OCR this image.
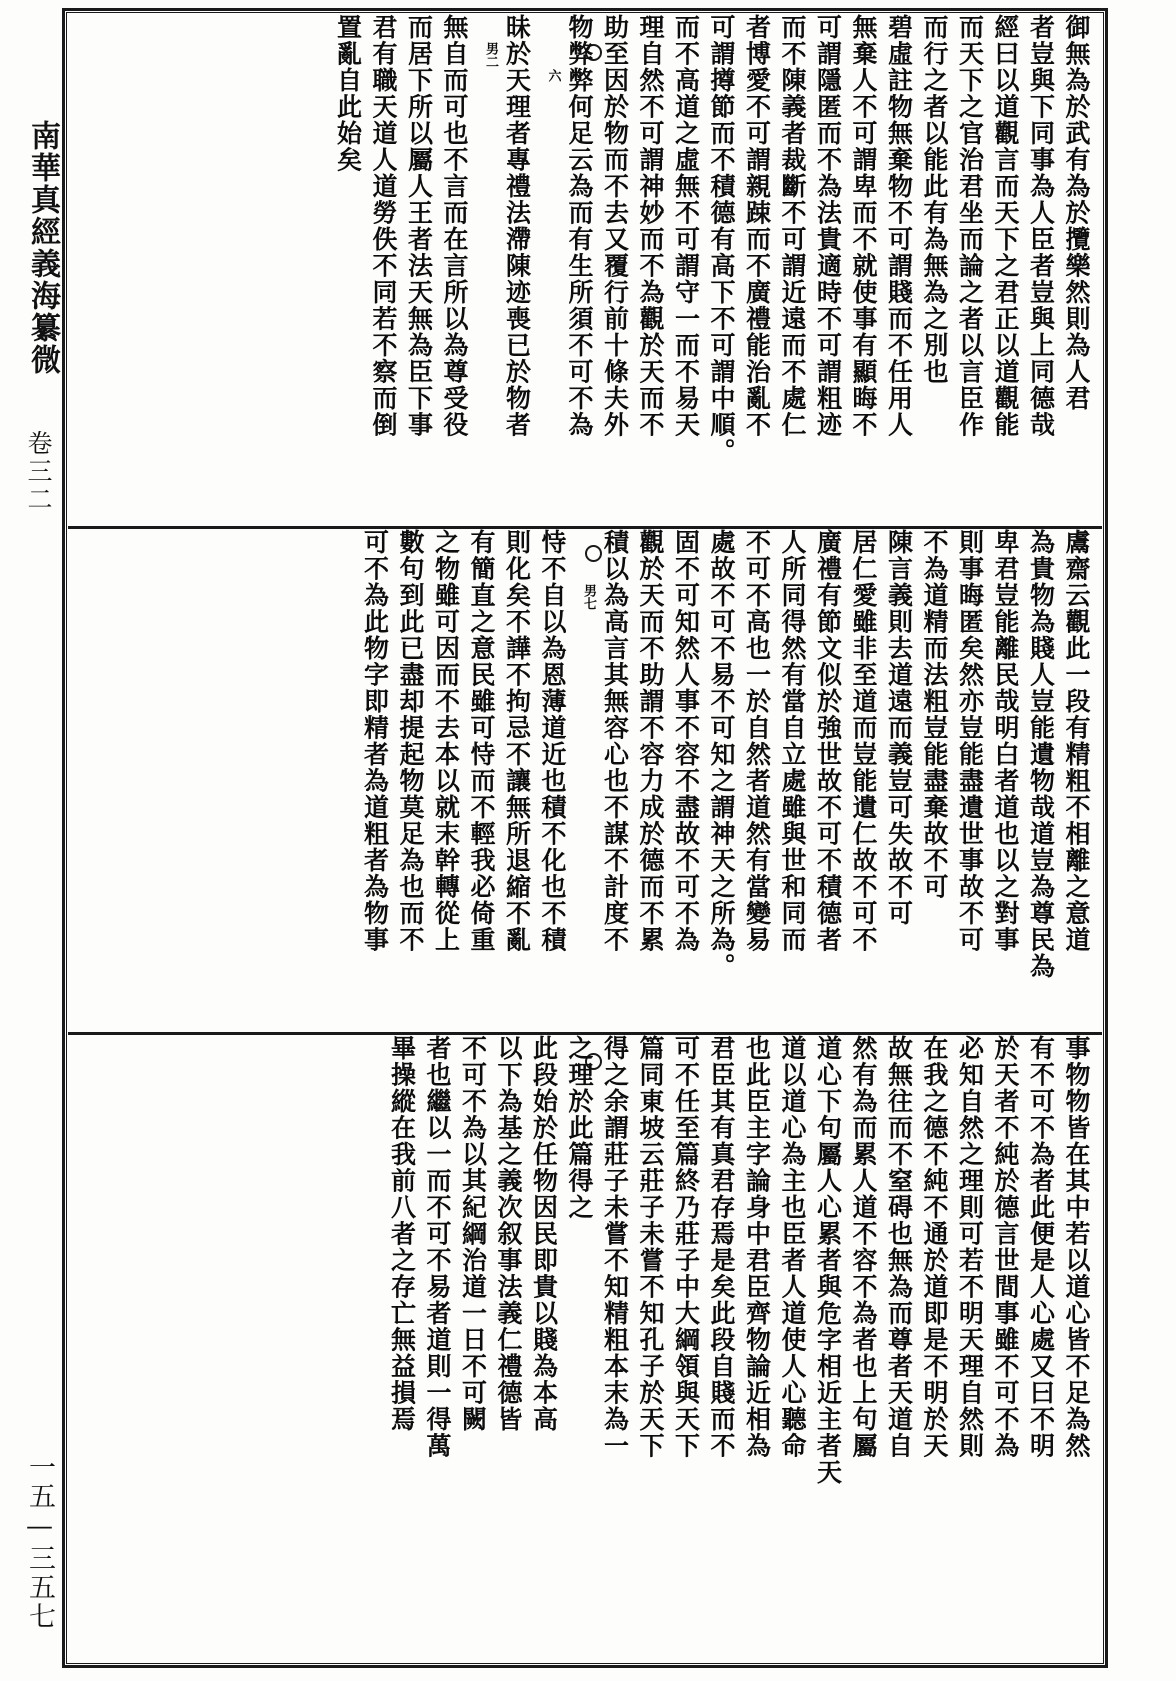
南華真經義海纂微
卷三二
一五—三五七
御無為於武有為於攬樂然則為人君
者豈與下同事為人臣者豈與上同德哉
經曰以道觀言而天下之君正以道觀能
而天下之官治君坐而論之者以言臣作
而行之者以能此有為無為之別也
碧虛註物無棄物不可謂賤而不任用人
無棄人不可謂卑而不就使事有顯晦不
可謂隱匿而不為法貴適時不可謂粗迹
而不陳義者裁斷不可謂近遠而不處仁
者博愛不可謂親踈而不廣禮能治亂不
可謂撙節而不積德有高下不可謂中順。
而不高道之虛無不可謂守一而不易天
理自然不可謂神妙而不為觀於天而不
助至因於物而不去又覆行前十條夫外
物弊弊何足云為而有生所須不可不為
六
昧於天理者專禮法滯陳迹喪已於物者
男二
無自而可也不言而在言所以為尊受役
而居下所以屬人王者法天無為臣下事
君有職天道人道勞佚不同若不察而倒
置亂自此始矣
鬳齋云觀此一段有精粗不相離之意道
為貴物為賤人豈能遺物哉道豈為尊民為
卑君豈能離民哉明白者道也以之對事
則事晦匿矣然亦豈能盡遺世事故不可
不為道精而法粗豈能盡棄故不可
陳言義則去道遠而義豈可失故不可
居仁愛雖非至道而豈能遺仁故不可不
廣禮有節文似於強世故不可不積德者
人所同得然有當自立處雖與世和同而
不可不高也一於自然者道然有當變易
處故不可不易不可知之謂神天之所為。
固不可知然人事不容不盡故不可不為
觀於天而不助謂不容力成於德而不累
積以為高言其無容心也不謀不計度不
男七
恃不自以為恩薄道近也積不化也不積
則化矣不譁不拘忌不讓無所退縮不亂
有簡直之意民雖可恃而不輕我必倚重
之物雖可因而不去本以就末幹轉從上
數句到此已盡却提起物莫足為也而不
可不為此物字即精者為道粗者為物事
事物物皆在其中若以道心皆不足為然
有不可不為者此便是人心處又曰不明
於天者不純於德言世間事雖不可不為
必知自然之理則可若不明天理自然則
在我之德不純不通於道即是不明於天
故無往而不窒碍也無為而尊者天道自
然有為而累人道不容不為者也上句屬
道心下句屬人心累者與危字相近主者天
道以道心為主也臣者人道使人心聽命
也此臣主字論身中君臣齊物論近相為
君臣其有真君存焉是矣此段自賤而不
可不任至篇終乃莊子中大綱領與天下
篇同東坡云莊子未嘗不知孔子於天下
得之余謂莊子未嘗不知精粗本末為一
之理於此篇得之
此段始於任物因民即貴以賤為本高
以下為基之義次叙事法義仁禮德皆
不可不為以其紀綱治道一日不可闕
者也繼以一而不可不易者道則一得萬
畢操縱在我前八者之存亡無益損焉
